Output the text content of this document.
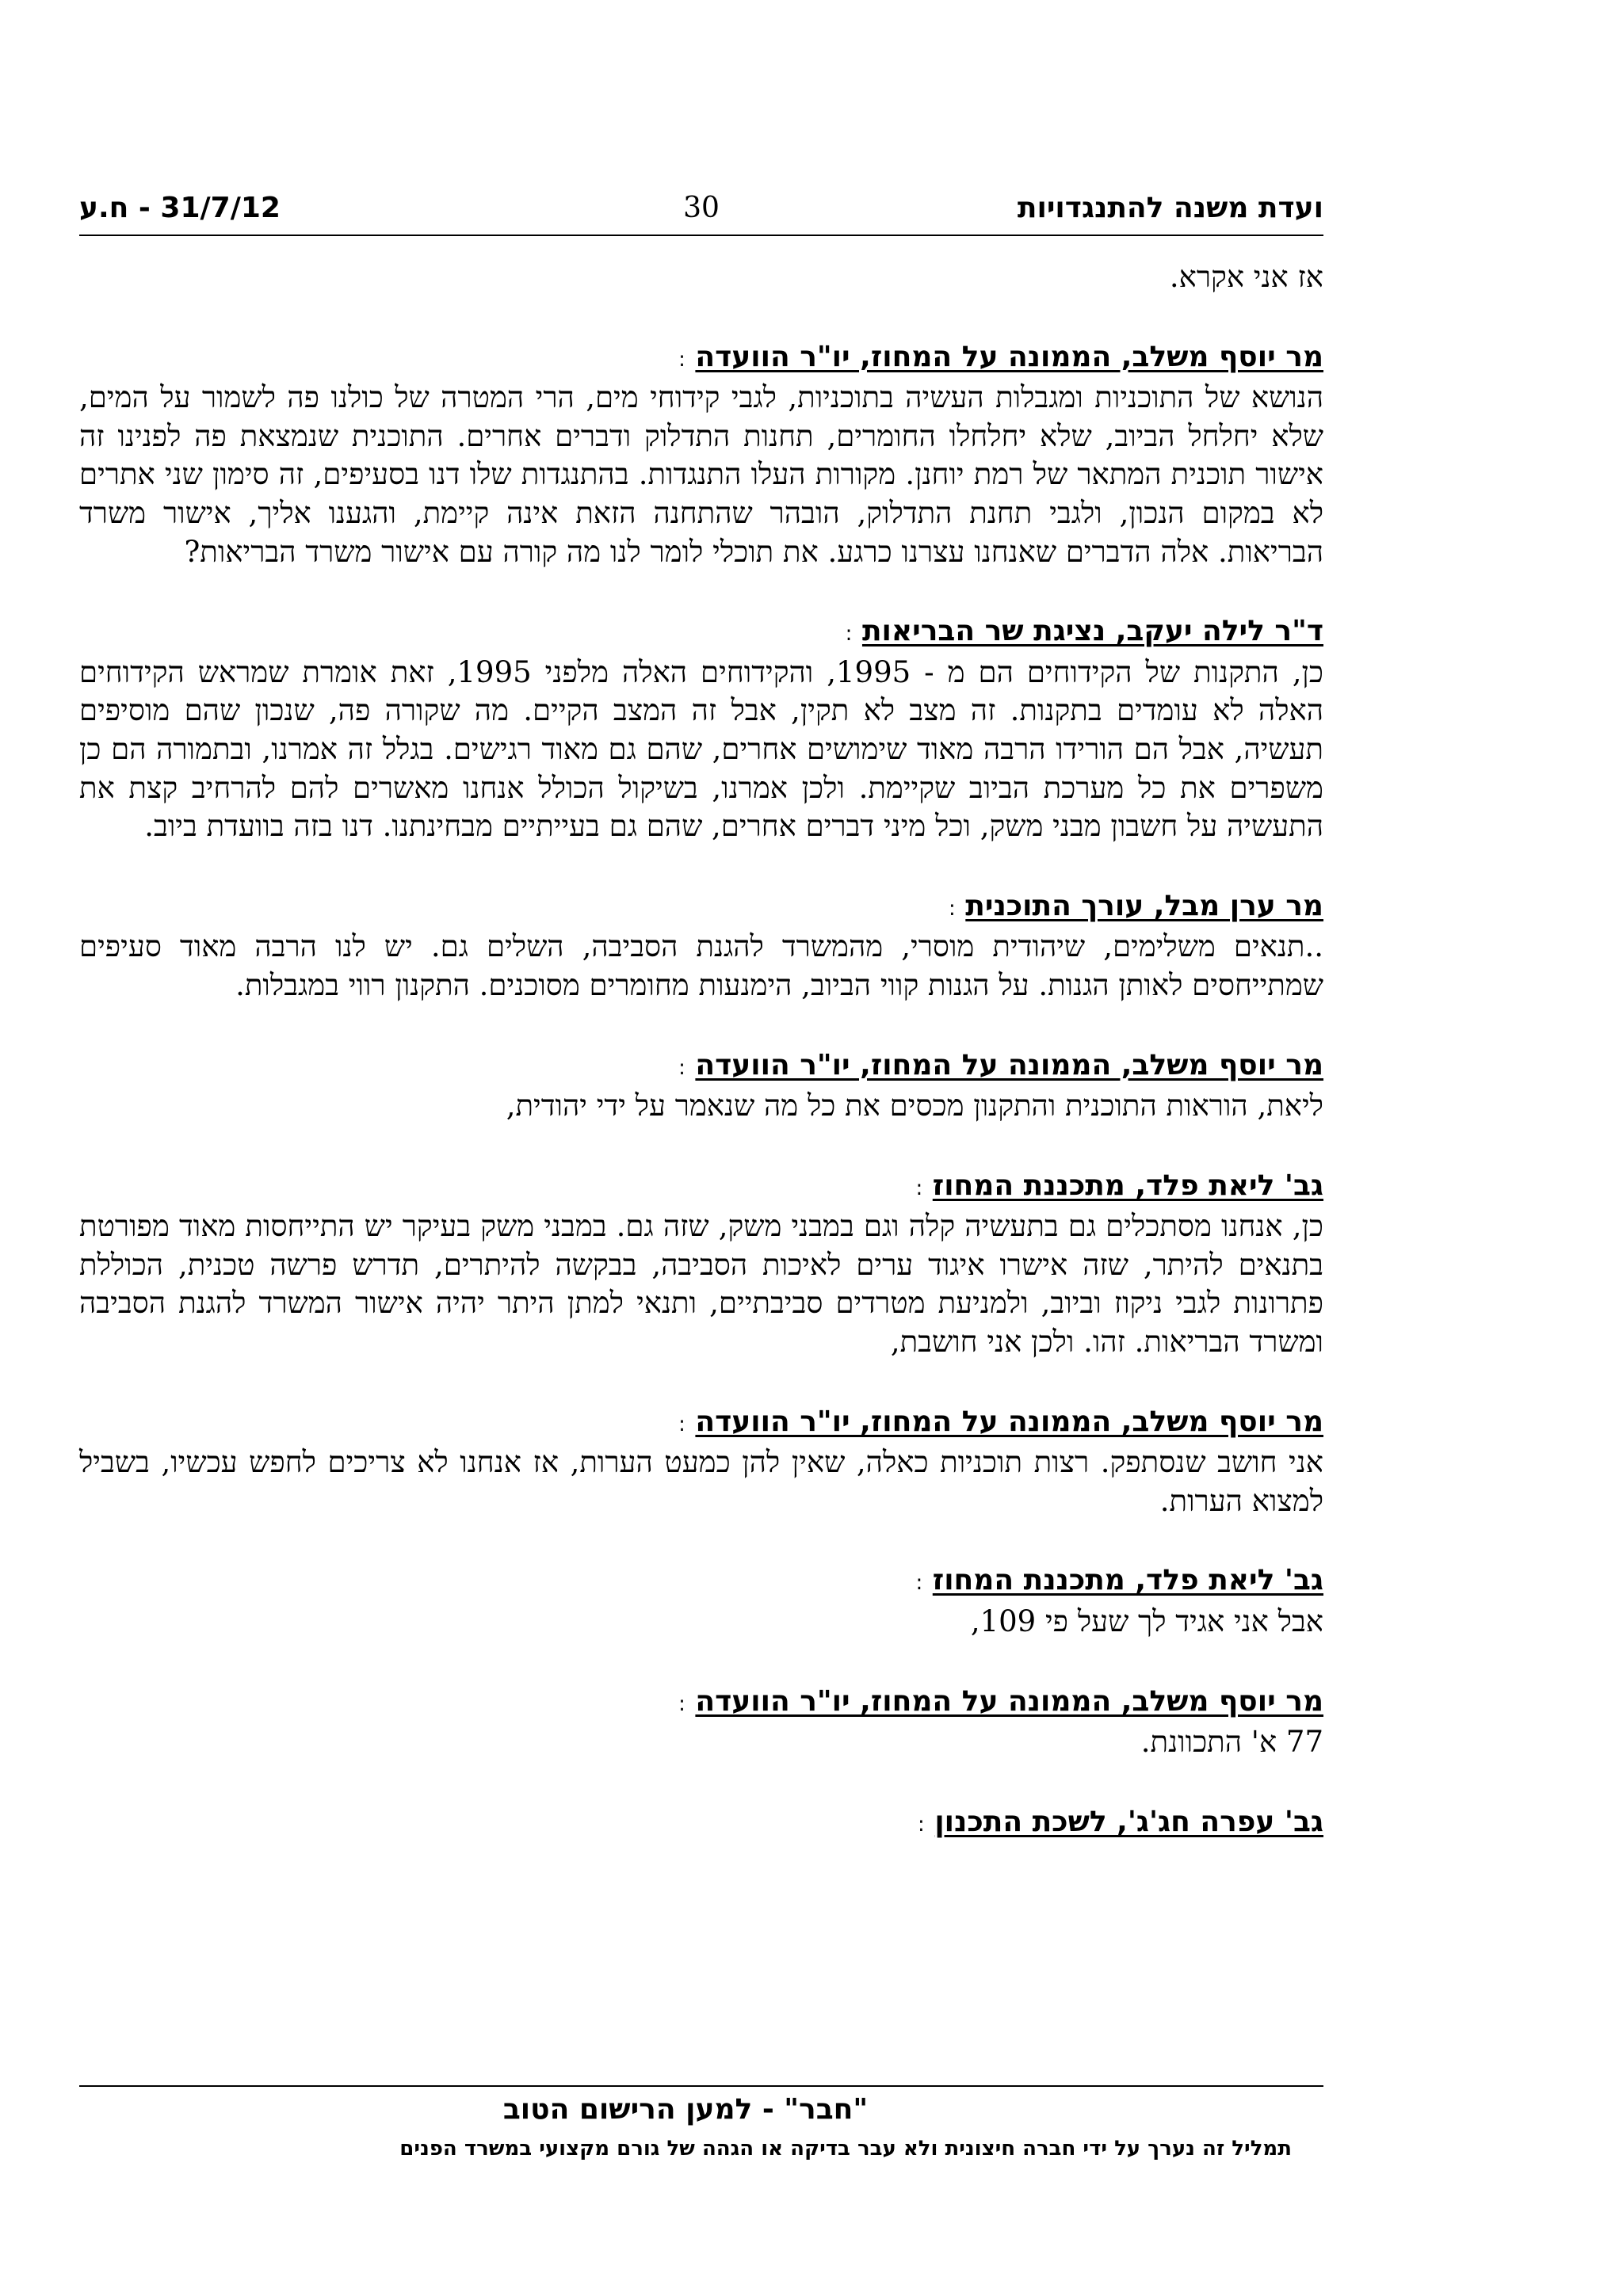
ועדת משנה להתנגדויות
30
31/7/12 - ח.ע

אז אני אקרא.

מר יוסף משלב, הממונה על המחוז, יו"ר הוועדה :

הנושא של התוכניות ומגבלות העשיה בתוכניות, לגבי קידוחי מים, הרי המטרה של כולנו פה לשמור על המים, שלא יחלחל הביוב, שלא יחלחלו החומרים, תחנות התדלוק ודברים אחרים. התוכנית שנמצאת פה לפנינו זה אישור תוכנית המתאר של רמת יוחנן. מקורות העלו התנגדות. בהתנגדות שלו דנו בסעיפים, זה סימון שני אתרים לא במקום הנכון, ולגבי תחנת התדלוק, הובהר שהתחנה הזאת אינה קיימת, והגענו אליך, אישור משרד הבריאות. אלה הדברים שאנחנו עצרנו כרגע. את תוכלי לומר לנו מה קורה עם אישור משרד הבריאות?

ד"ר לילה יעקב, נציגת שר הבריאות :

כן, התקנות של הקידוחים הם מ - 1995, והקידוחים האלה מלפני 1995, זאת אומרת שמראש הקידוחים האלה לא עומדים בתקנות. זה מצב לא תקין, אבל זה המצב הקיים. מה שקורה פה, שנכון שהם מוסיפים תעשיה, אבל הם הורידו הרבה מאוד שימושים אחרים, שהם גם מאוד רגישים. בגלל זה אמרנו, ובתמורה הם כן משפרים את כל מערכת הביוב שקיימת. ולכן אמרנו, בשיקול הכולל אנחנו מאשרים להם להרחיב קצת את התעשיה על חשבון מבני משק, וכל מיני דברים אחרים, שהם גם בעייתיים מבחינתנו. דנו בזה בוועדת ביוב.

מר ערן מבל, עורך התוכנית :

..תנאים משלימים, שיהודית מוסרי, מהמשרד להגנת הסביבה, השלים גם. יש לנו הרבה מאוד סעיפים שמתייחסים לאותן הגנות. על הגנות קווי הביוב, הימנעות מחומרים מסוכנים. התקנון רווי במגבלות.

מר יוסף משלב, הממונה על המחוז, יו"ר הוועדה :

ליאת, הוראות התוכנית והתקנון מכסים את כל מה שנאמר על ידי יהודית,

גב' ליאת פלד, מתכננת המחוז :

כן, אנחנו מסתכלים גם בתעשיה קלה וגם במבני משק, שזה גם. במבני משק בעיקר יש התייחסות מאוד מפורטת בתנאים להיתר, שזה אישרו איגוד ערים לאיכות הסביבה, בבקשה להיתרים, תדרש פרשה טכנית, הכוללת פתרונות לגבי ניקוז וביוב, ולמניעת מטרדים סביבתיים, ותנאי למתן היתר יהיה אישור המשרד להגנת הסביבה ומשרד הבריאות. זהו. ולכן אני חושבת,

מר יוסף משלב, הממונה על המחוז, יו"ר הוועדה :

אני חושב שנסתפק. רצות תוכניות כאלה, שאין להן כמעט הערות, אז אנחנו לא צריכים לחפש עכשיו, בשביל למצוא הערות.

גב' ליאת פלד, מתכננת המחוז :

אבל אני אגיד לך שעל פי 109,

מר יוסף משלב, הממונה על המחוז, יו"ר הוועדה :

77 א' התכוונת.

גב' עפרה חג'ג', לשכת התכנון :

"חבר" - למען הרישום הטוב
תמליל זה נערך על ידי חברה חיצונית ולא עבר בדיקה או הגהה של גורם מקצועי במשרד הפנים
